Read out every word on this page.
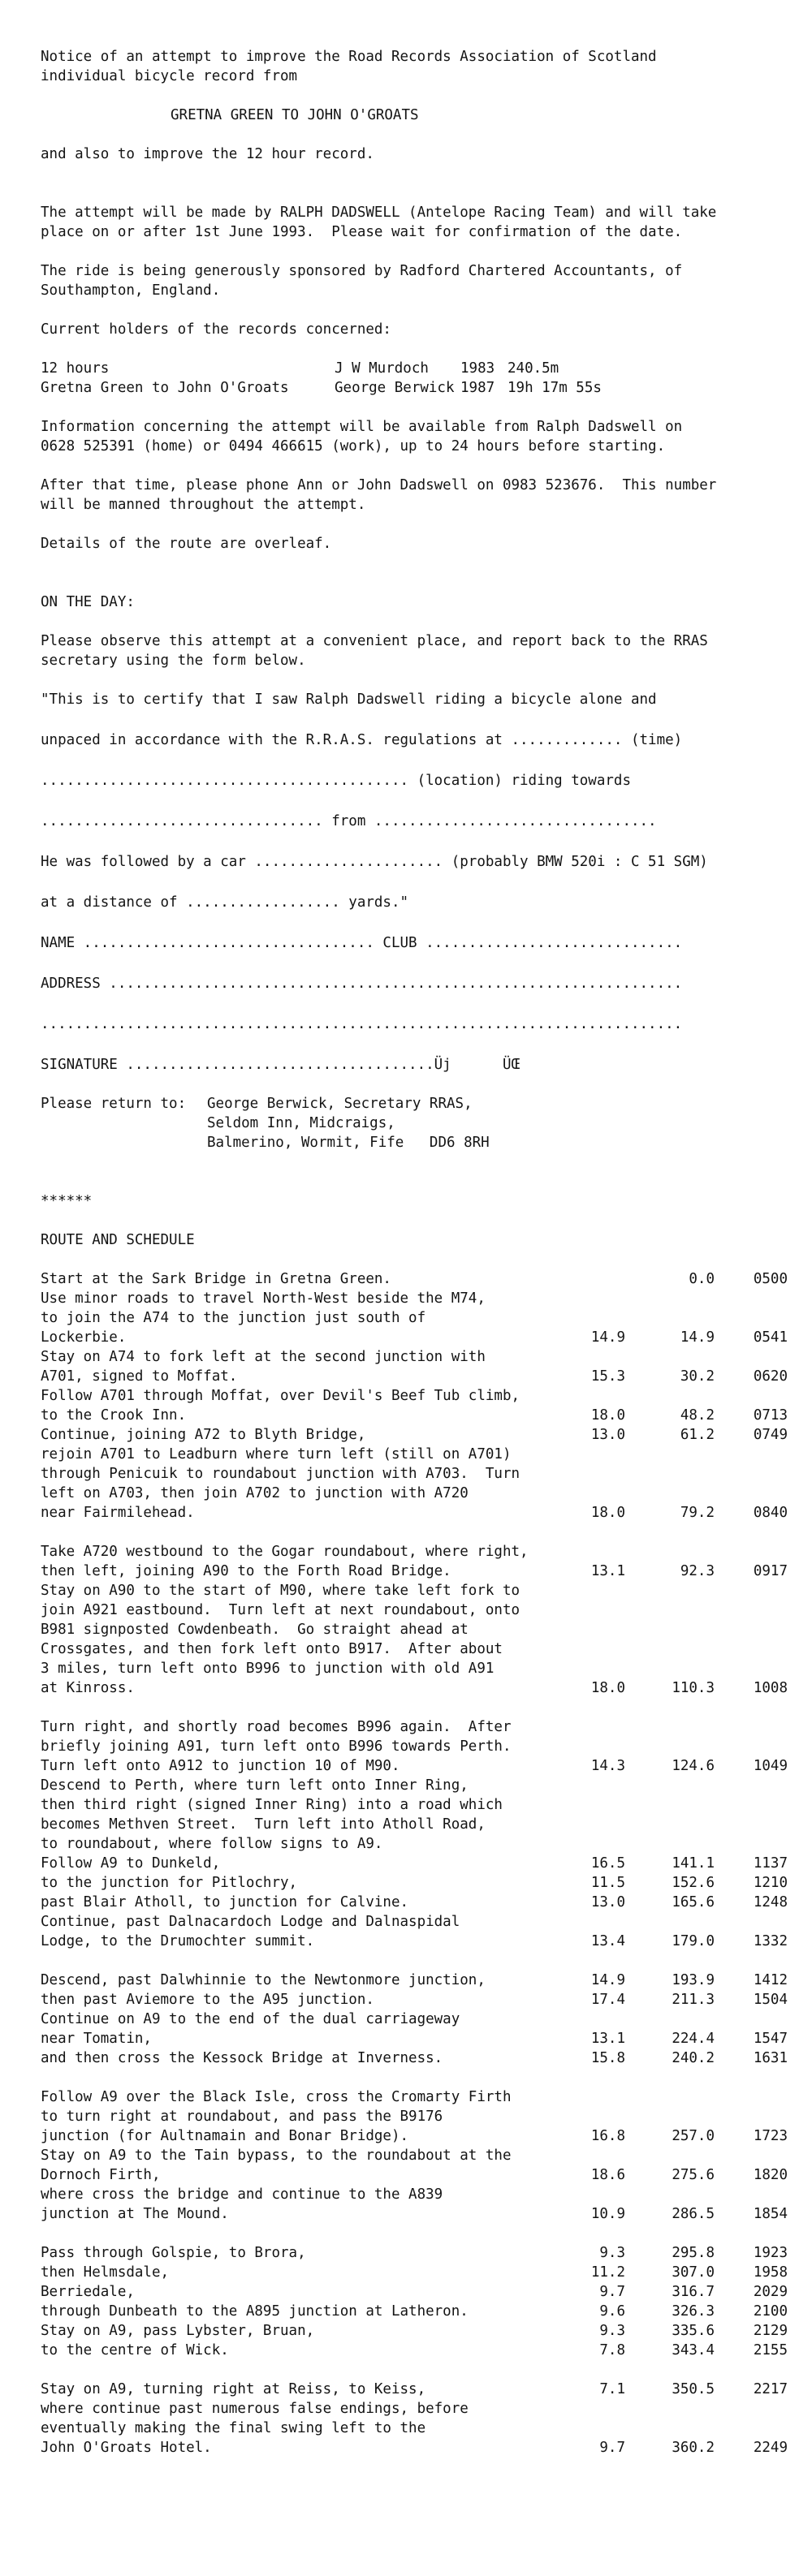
Notice of an attempt to improve the Road Records Association of Scotland

individual bicycle record from

GRETNA GREEN TO JOHN O'GROATS

and also to improve the 12 hour record.

The attempt will be made by RALPH DADSWELL (Antelope Racing Team) and will take

place on or after 1st June 1993.  Please wait for confirmation of the date.

The ride is being generously sponsored by Radford Chartered Accountants, of

Southampton, England.

Current holders of the records concerned:

12 hours	J W Murdoch	1983	240.5m
Gretna Green to John O'Groats	George Berwick	1987	19h 17m 55s

Information concerning the attempt will be available from Ralph Dadswell on

0628 525391 (home) or 0494 466615 (work), up to 24 hours before starting.

After that time, please phone Ann or John Dadswell on 0983 523676.  This number

will be manned throughout the attempt.

Details of the route are overleaf.

ON THE DAY:

Please observe this attempt at a convenient place, and report back to the RRAS

secretary using the form below.

"This is to certify that I saw Ralph Dadswell riding a bicycle alone and

unpaced in accordance with the R.R.A.S. regulations at ............. (time)

........................................... (location) riding towards

................................. from .................................

He was followed by a car ...................... (probably BMW 520i : C 51 SGM)

at a distance of .................. yards."

NAME .................................. CLUB ..............................

ADDRESS ...................................................................

...........................................................................

SIGNATURE ....................................Üj      ÜŒ

Please return to:	George Berwick, Secretary RRAS,
	Seldom Inn, Midcraigs,
	Balmerino, Wormit, Fife   DD6 8RH

******

ROUTE AND SCHEDULE

Start at the Sark Bridge in Gretna Green.		0.0	0500
Use minor roads to travel North-West beside the M74,			
to join the A74 to the junction just south of			
Lockerbie.	14.9	14.9	0541
Stay on A74 to fork left at the second junction with			
A701, signed to Moffat.	15.3	30.2	0620
Follow A701 through Moffat, over Devil's Beef Tub climb,			
to the Crook Inn.	18.0	48.2	0713
Continue, joining A72 to Blyth Bridge,	13.0	61.2	0749
rejoin A701 to Leadburn where turn left (still on A701)			
through Penicuik to roundabout junction with A703.  Turn			
left on A703, then join A702 to junction with A720			
near Fairmilehead.	18.0	79.2	0840

Take A720 westbound to the Gogar roundabout, where right,			
then left, joining A90 to the Forth Road Bridge.	13.1	92.3	0917
Stay on A90 to the start of M90, where take left fork to			
join A921 eastbound.  Turn left at next roundabout, onto			
B981 signposted Cowdenbeath.  Go straight ahead at			
Crossgates, and then fork left onto B917.  After about			
3 miles, turn left onto B996 to junction with old A91			
at Kinross.	18.0	110.3	1008

Turn right, and shortly road becomes B996 again.  After			
briefly joining A91, turn left onto B996 towards Perth.			
Turn left onto A912 to junction 10 of M90.	14.3	124.6	1049
Descend to Perth, where turn left onto Inner Ring,			
then third right (signed Inner Ring) into a road which			
becomes Methven Street.  Turn left into Atholl Road,			
to roundabout, where follow signs to A9.			
Follow A9 to Dunkeld,	16.5	141.1	1137
to the junction for Pitlochry,	11.5	152.6	1210
past Blair Atholl, to junction for Calvine.	13.0	165.6	1248
Continue, past Dalnacardoch Lodge and Dalnaspidal			
Lodge, to the Drumochter summit.	13.4	179.0	1332

Descend, past Dalwhinnie to the Newtonmore junction,	14.9	193.9	1412
then past Aviemore to the A95 junction.	17.4	211.3	1504
Continue on A9 to the end of the dual carriageway			
near Tomatin,	13.1	224.4	1547
and then cross the Kessock Bridge at Inverness.	15.8	240.2	1631

Follow A9 over the Black Isle, cross the Cromarty Firth			
to turn right at roundabout, and pass the B9176			
junction (for Aultnamain and Bonar Bridge).	16.8	257.0	1723
Stay on A9 to the Tain bypass, to the roundabout at the			
Dornoch Firth,	18.6	275.6	1820
where cross the bridge and continue to the A839			
junction at The Mound.	10.9	286.5	1854

Pass through Golspie, to Brora,	9.3	295.8	1923
then Helmsdale,	11.2	307.0	1958
Berriedale,	9.7	316.7	2029
through Dunbeath to the A895 junction at Latheron.	9.6	326.3	2100
Stay on A9, pass Lybster, Bruan,	9.3	335.6	2129
to the centre of Wick.	7.8	343.4	2155

Stay on A9, turning right at Reiss, to Keiss,	7.1	350.5	2217
where continue past numerous false endings, before			
eventually making the final swing left to the			
John O'Groats Hotel.	9.7	360.2	2249
